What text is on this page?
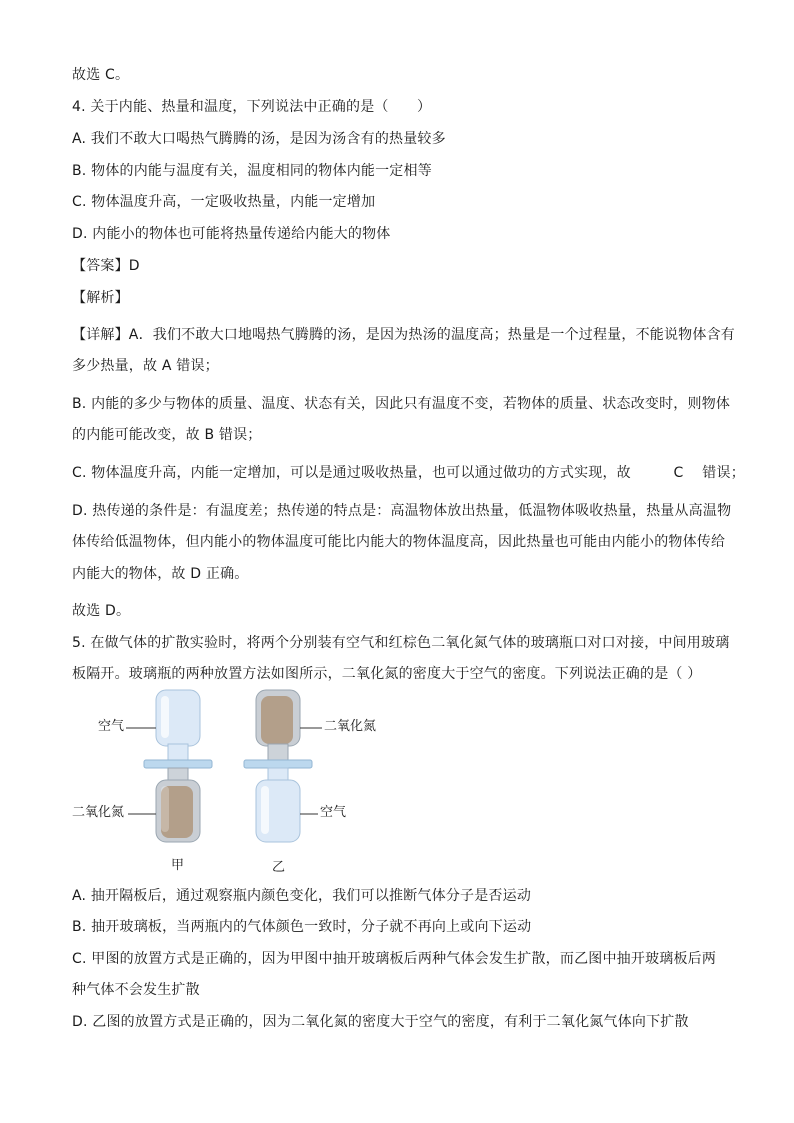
故选 C。
4. 关于内能、热量和温度，下列说法中正确的是（　　）
A. 我们不敢大口喝热气腾腾的汤，是因为汤含有的热量较多
B. 物体的内能与温度有关，温度相同的物体内能一定相等
C. 物体温度升高，一定吸收热量，内能一定增加
D. 内能小的物体也可能将热量传递给内能大的物体
【答案】D
【解析】
【详解】A．我们不敢大口地喝热气腾腾的汤，是因为热汤的温度高；热量是一个过程量，不能说物体含有
多少热量，故 A 错误；
B. 内能的多少与物体的质量、温度、状态有关，因此只有温度不变，若物体的质量、状态改变时，则物体
的内能可能改变，故 B 错误；
C. 物体温度升高，内能一定增加，可以是通过吸收热量，也可以通过做功的方式实现，故　　　C　 错误；
D. 热传递的条件是：有温度差；热传递的特点是：高温物体放出热量，低温物体吸收热量，热量从高温物
体传给低温物体，但内能小的物体温度可能比内能大的物体温度高，因此热量也可能由内能小的物体传给
内能大的物体，故 D 正确。
故选 D。
5. 在做气体的扩散实验时，将两个分别装有空气和红棕色二氧化氮气体的玻璃瓶口对口对接，中间用玻璃
板隔开。玻璃瓶的两种放置方法如图所示，二氧化氮的密度大于空气的密度。下列说法正确的是（ ）
空气
二氧化氮
二氧化氮
空气
甲	乙
A. 抽开隔板后，通过观察瓶内颜色变化，我们可以推断气体分子是否运动
B. 抽开玻璃板，当两瓶内的气体颜色一致时，分子就不再向上或向下运动
C. 甲图的放置方式是正确的，因为甲图中抽开玻璃板后两种气体会发生扩散，而乙图中抽开玻璃板后两
种气体不会发生扩散
D. 乙图的放置方式是正确的，因为二氧化氮的密度大于空气的密度，有利于二氧化氮气体向下扩散
